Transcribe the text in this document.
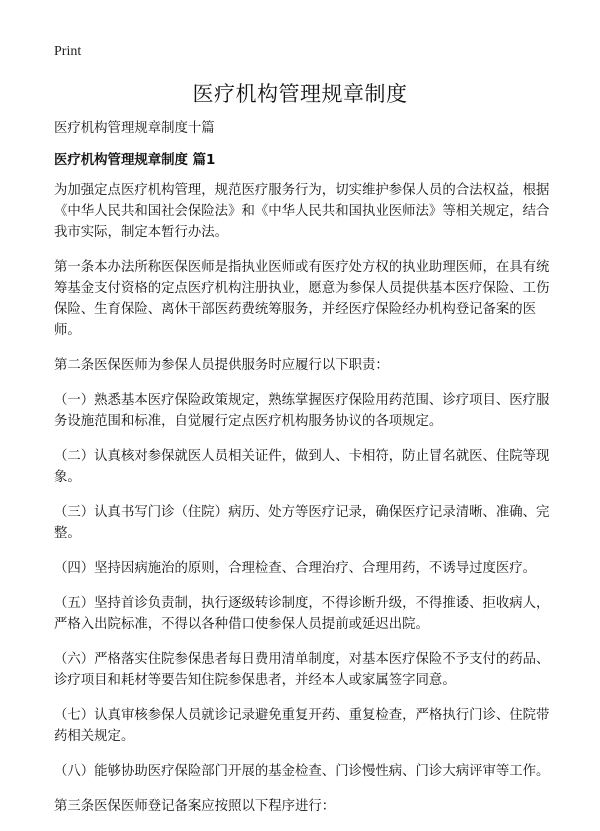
Print
医疗机构管理规章制度

医疗机构管理规章制度十篇

医疗机构管理规章制度 篇1

为加强定点医疗机构管理，规范医疗服务行为，切实维护参保人员的合法权益，根据《中华人民共和国社会保险法》和《中华人民共和国执业医师法》等相关规定，结合我市实际，制定本暂行办法。

第一条本办法所称医保医师是指执业医师或有医疗处方权的执业助理医师，在具有统筹基金支付资格的定点医疗机构注册执业，愿意为参保人员提供基本医疗保险、工伤保险、生育保险、离休干部医药费统筹服务，并经医疗保险经办机构登记备案的医师。

第二条医保医师为参保人员提供服务时应履行以下职责：

（一）熟悉基本医疗保险政策规定，熟练掌握医疗保险用药范围、诊疗项目、医疗服务设施范围和标准，自觉履行定点医疗机构服务协议的各项规定。

（二）认真核对参保就医人员相关证件，做到人、卡相符，防止冒名就医、住院等现象。

（三）认真书写门诊（住院）病历、处方等医疗记录，确保医疗记录清晰、准确、完整。

（四）坚持因病施治的原则，合理检查、合理治疗、合理用药，不诱导过度医疗。

（五）坚持首诊负责制，执行逐级转诊制度，不得诊断升级，不得推诿、拒收病人，严格入出院标准，不得以各种借口使参保人员提前或延迟出院。

（六）严格落实住院参保患者每日费用清单制度，对基本医疗保险不予支付的药品、诊疗项目和耗材等要告知住院参保患者，并经本人或家属签字同意。

（七）认真审核参保人员就诊记录避免重复开药、重复检查，严格执行门诊、住院带药相关规定。

（八）能够协助医疗保险部门开展的基金检查、门诊慢性病、门诊大病评审等工作。

第三条医保医师登记备案应按照以下程序进行：
